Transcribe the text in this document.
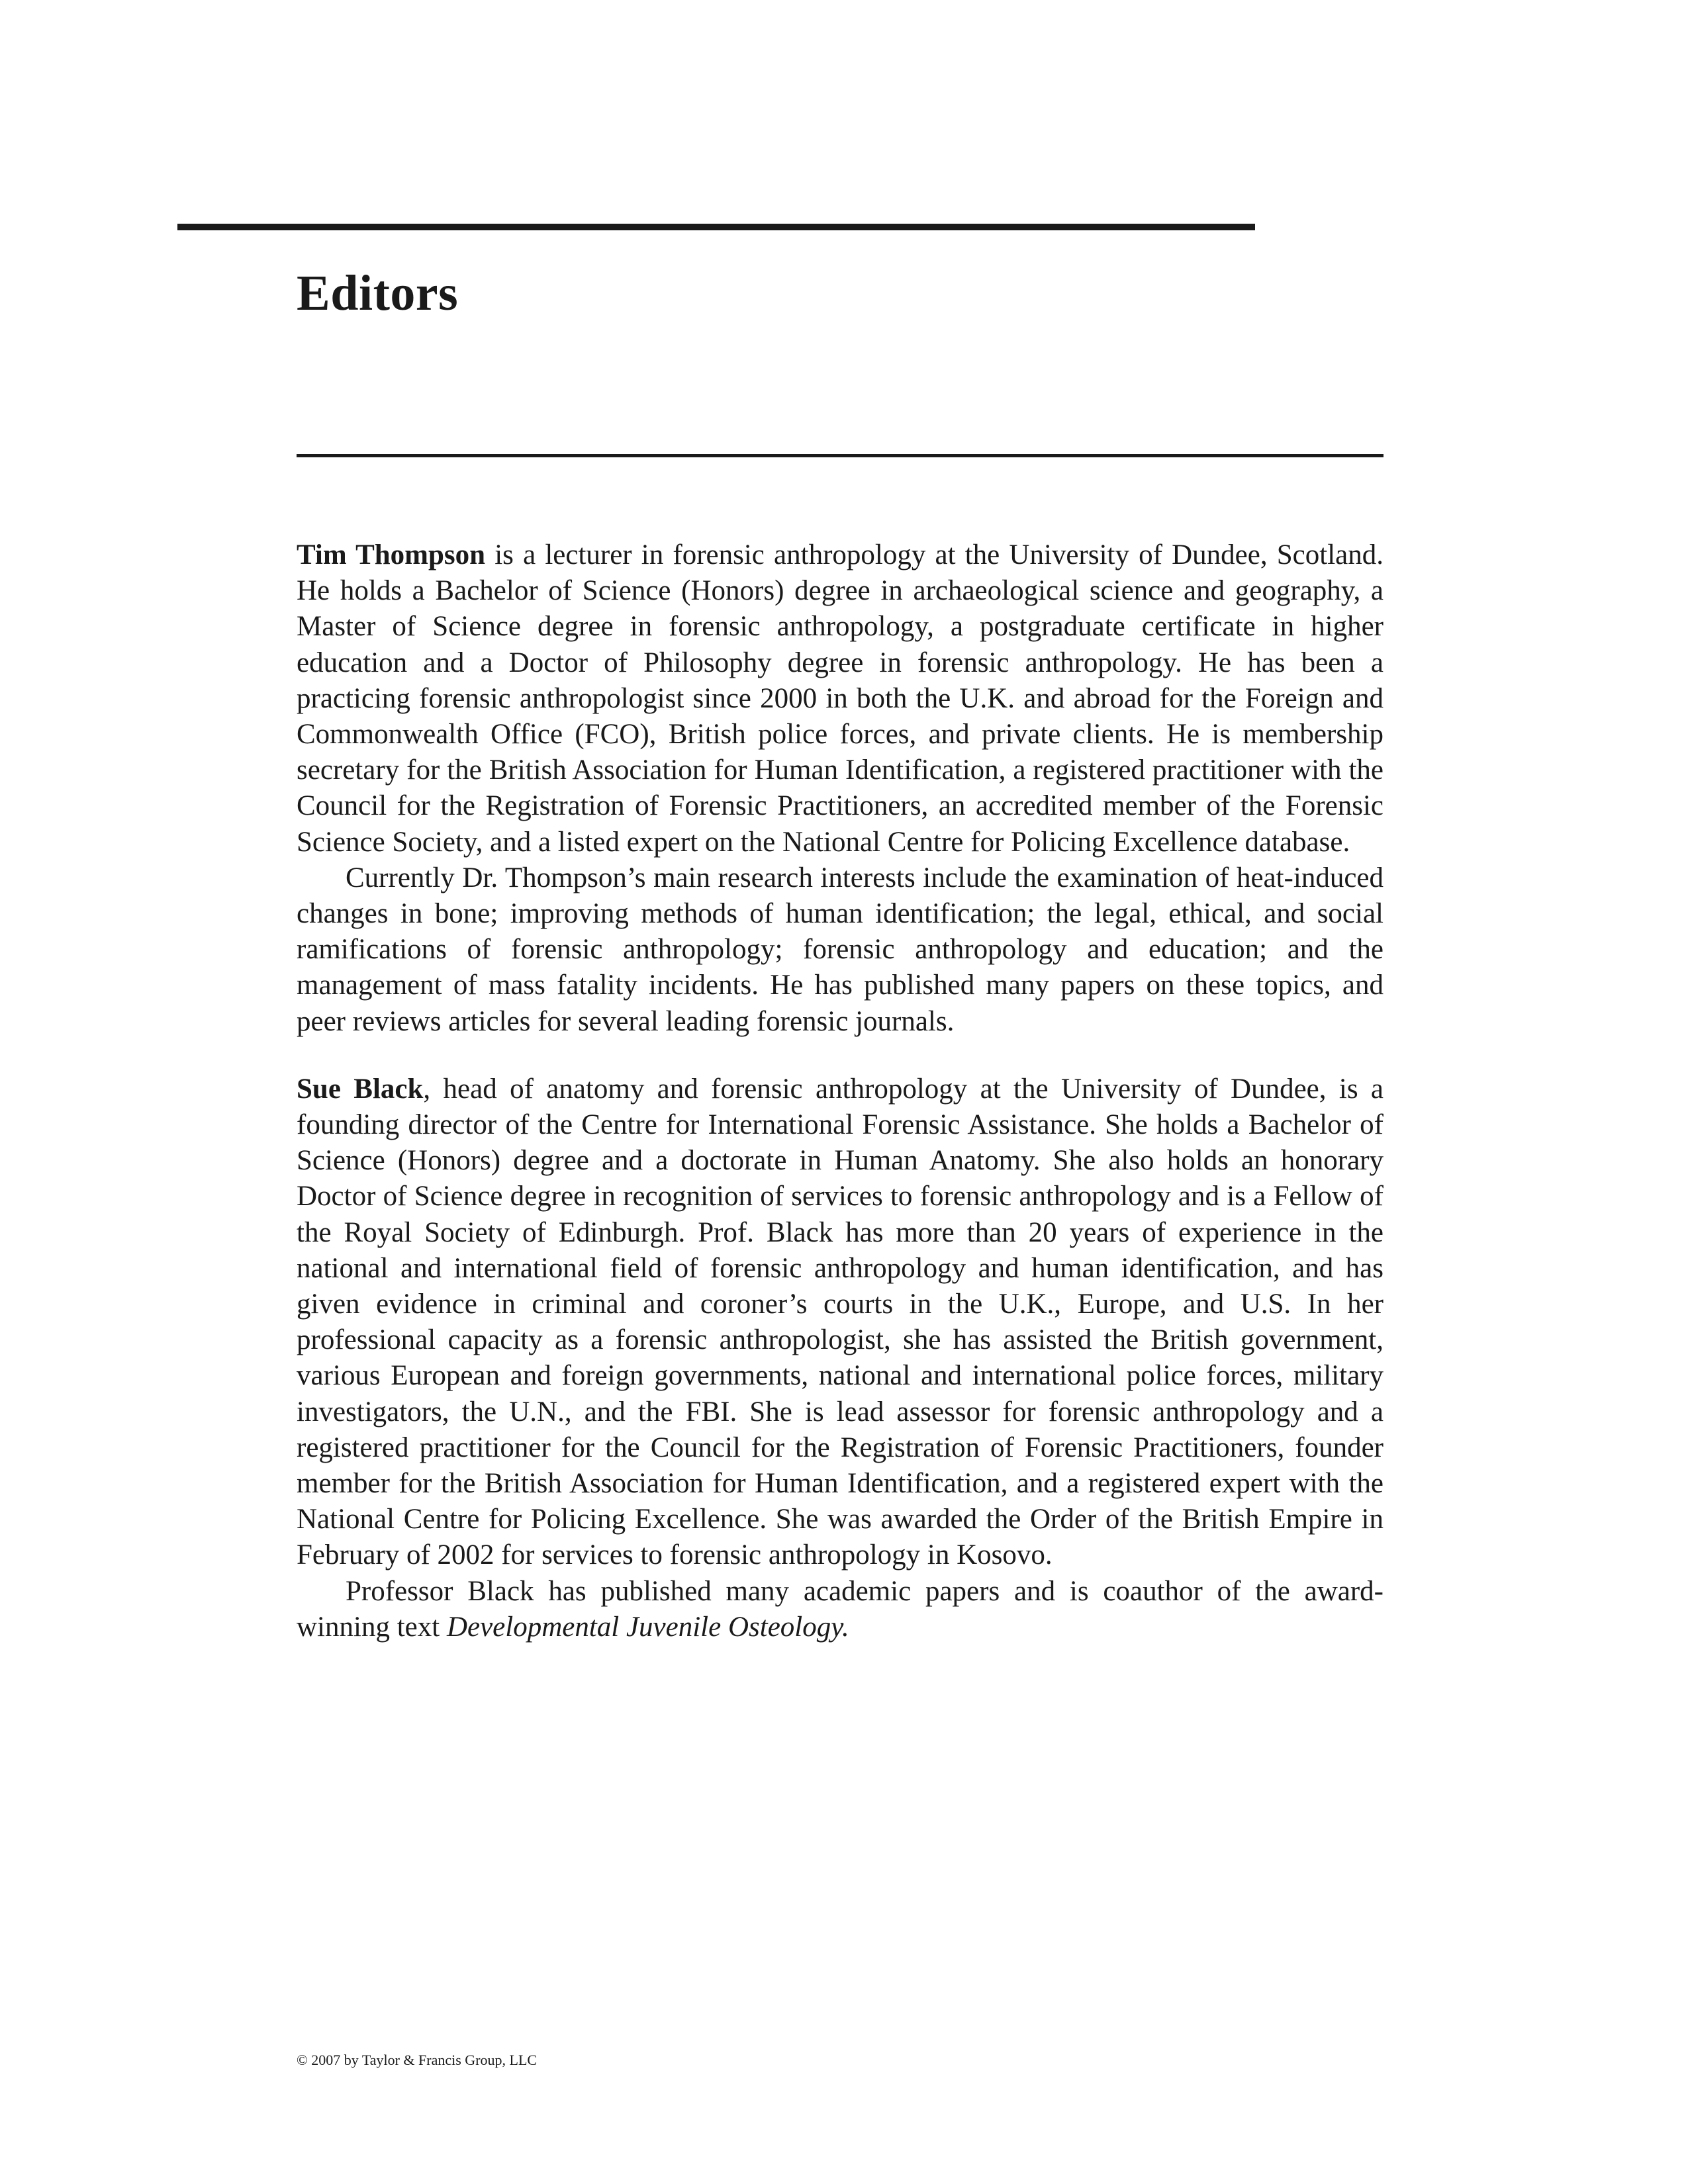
Editors

Tim Thompson is a lecturer in forensic anthropology at the University of Dundee, Scotland. He holds a Bachelor of Science (Honors) degree in archaeological science and geography, a Master of Science degree in forensic anthropology, a postgraduate certificate in higher education and a Doctor of Philosophy degree in forensic anthropology. He has been a practicing forensic anthropologist since 2000 in both the U.K. and abroad for the Foreign and Commonwealth Office (FCO), British police forces, and private clients. He is membership secretary for the British Association for Human Identification, a registered practitioner with the Council for the Registration of Forensic Practitioners, an accredited member of the Forensic Science Society, and a listed expert on the National Centre for Policing Excellence database.

Currently Dr. Thompson’s main research interests include the examination of heat-induced changes in bone; improving methods of human identification; the legal, ethical, and social ramifications of forensic anthropology; forensic anthropology and education; and the management of mass fatality incidents. He has published many papers on these topics, and peer reviews articles for several leading forensic journals.

Sue Black, head of anatomy and forensic anthropology at the University of Dundee, is a founding director of the Centre for International Forensic Assistance. She holds a Bachelor of Science (Honors) degree and a doctorate in Human Anatomy. She also holds an honorary Doctor of Science degree in recognition of services to forensic anthropology and is a Fellow of the Royal Society of Edinburgh. Prof. Black has more than 20 years of experience in the national and international field of forensic anthropology and human identification, and has given evidence in criminal and coroner’s courts in the U.K., Europe, and U.S. In her professional capacity as a forensic anthropologist, she has assisted the British government, various European and foreign governments, national and international police forces, military investigators, the U.N., and the FBI. She is lead assessor for forensic anthropology and a registered practitioner for the Council for the Registration of Forensic Practitioners, founder member for the British Association for Human Identification, and a registered expert with the National Centre for Policing Excellence. She was awarded the Order of the British Empire in February of 2002 for services to forensic anthropology in Kosovo.

Professor Black has published many academic papers and is coauthor of the award-winning text Developmental Juvenile Osteology.

© 2007 by Taylor & Francis Group, LLC
